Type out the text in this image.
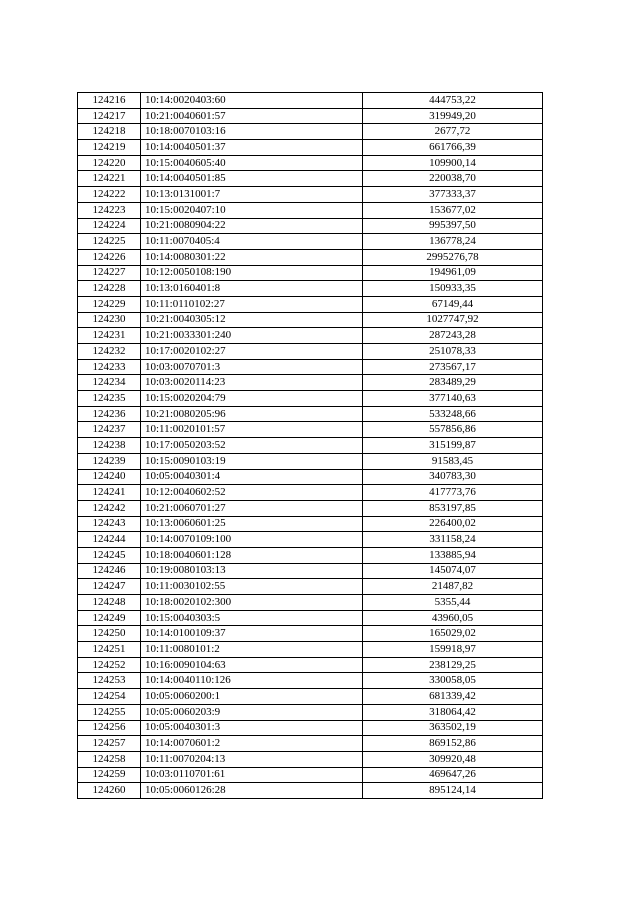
124216	10:14:0020403:60	444753,22
124217	10:21:0040601:57	319949,20
124218	10:18:0070103:16	2677,72
124219	10:14:0040501:37	661766,39
124220	10:15:0040605:40	109900,14
124221	10:14:0040501:85	220038,70
124222	10:13:0131001:7	377333,37
124223	10:15:0020407:10	153677,02
124224	10:21:0080904:22	995397,50
124225	10:11:0070405:4	136778,24
124226	10:14:0080301:22	2995276,78
124227	10:12:0050108:190	194961,09
124228	10:13:0160401:8	150933,35
124229	10:11:0110102:27	67149,44
124230	10:21:0040305:12	1027747,92
124231	10:21:0033301:240	287243,28
124232	10:17:0020102:27	251078,33
124233	10:03:0070701:3	273567,17
124234	10:03:0020114:23	283489,29
124235	10:15:0020204:79	377140,63
124236	10:21:0080205:96	533248,66
124237	10:11:0020101:57	557856,86
124238	10:17:0050203:52	315199,87
124239	10:15:0090103:19	91583,45
124240	10:05:0040301:4	340783,30
124241	10:12:0040602:52	417773,76
124242	10:21:0060701:27	853197,85
124243	10:13:0060601:25	226400,02
124244	10:14:0070109:100	331158,24
124245	10:18:0040601:128	133885,94
124246	10:19:0080103:13	145074,07
124247	10:11:0030102:55	21487,82
124248	10:18:0020102:300	5355,44
124249	10:15:0040303:5	43960,05
124250	10:14:0100109:37	165029,02
124251	10:11:0080101:2	159918,97
124252	10:16:0090104:63	238129,25
124253	10:14:0040110:126	330058,05
124254	10:05:0060200:1	681339,42
124255	10:05:0060203:9	318064,42
124256	10:05:0040301:3	363502,19
124257	10:14:0070601:2	869152,86
124258	10:11:0070204:13	309920,48
124259	10:03:0110701:61	469647,26
124260	10:05:0060126:28	895124,14
